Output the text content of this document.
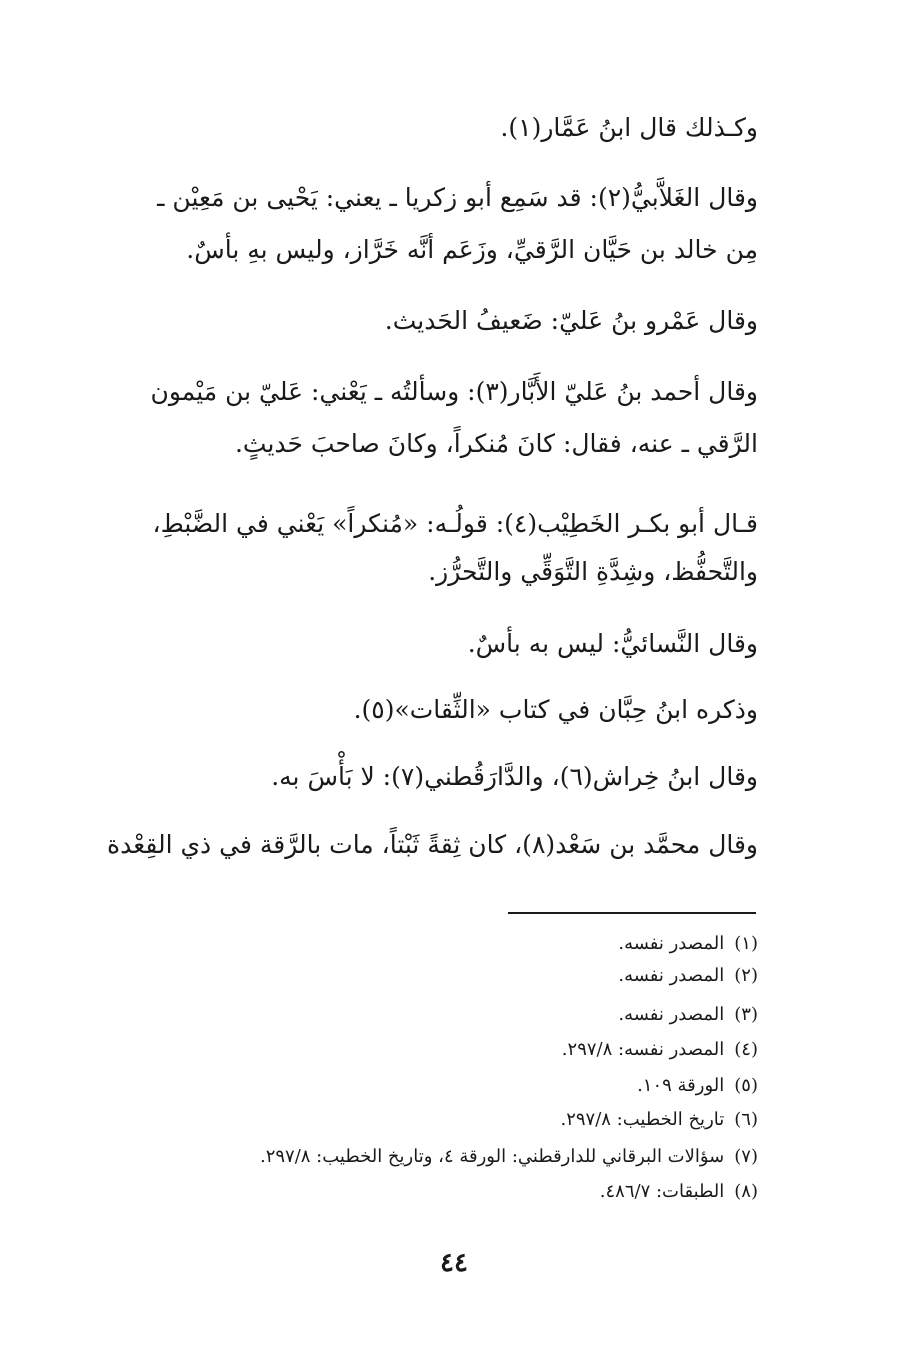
وكـذلك قال ابنُ عَمَّار(١).
وقال الغَلاَّبيُّ(٢): قد سَمِع أبو زكريا ـ يعني: يَحْيى بن مَعِيْن ـ
مِن خالد بن حَيَّان الرَّقيِّ، وزَعَم أنَّه خَرَّاز، وليس بهِ بأسٌ.
وقال عَمْرو بنُ عَليّ: ضَعيفُ الحَديث.
وقال أحمد بنُ عَليّ الأَبَّار(٣): وسألتُه ـ يَعْني: عَليّ بن مَيْمون
الرَّقي ـ عنه، فقال: كانَ مُنكراً، وكانَ صاحبَ حَديثٍ.
قـال أبو بكـر الخَطِيْب(٤): قولُـه: «مُنكراً» يَعْني في الضَّبْطِ،
والتَّحفُّظ، وشِدَّةِ التَّوَقِّي والتَّحرُّز.
وقال النَّسائيُّ: ليس به بأسٌ.
وذكره ابنُ حِبَّان في كتاب «الثِّقات»(٥).
وقال ابنُ خِراش(٦)، والدَّارَقُطني(٧): لا بَأْسَ به.
وقال محمَّد بن سَعْد(٨)، كان ثِقةً ثَبْتاً، مات بالرَّقة في ذي القِعْدة
(١)المصدر نفسه.
(٢)المصدر نفسه.
(٣)المصدر نفسه.
(٤)المصدر نفسه: ٢٩٧/٨.
(٥)الورقة ١٠٩.
(٦)تاريخ الخطيب: ٢٩٧/٨.
(٧)سؤالات البرقاني للدارقطني: الورقة ٤، وتاريخ الخطيب: ٢٩٧/٨.
(٨)الطبقات: ٤٨٦/٧.
٤٤
